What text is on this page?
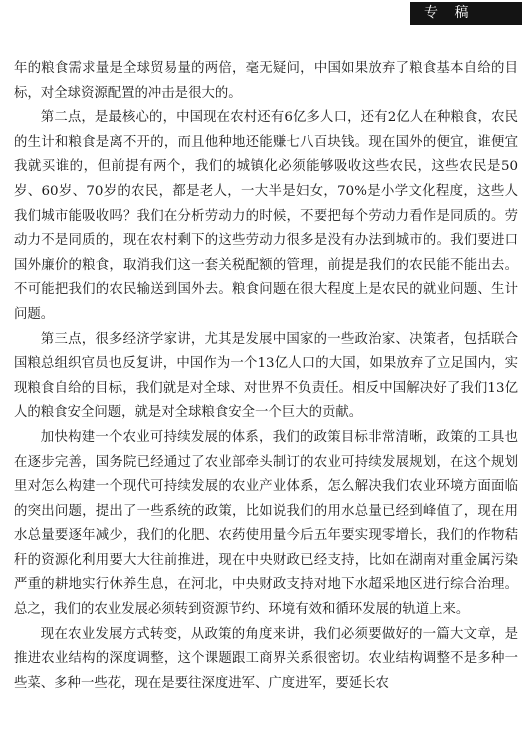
专 稿

年的粮食需求量是全球贸易量的两倍，毫无疑问，中国如果放弃了粮食基本自给的目标，对全球资源配置的冲击是很大的。

第二点，是最核心的，中国现在农村还有6亿多人口，还有2亿人在种粮食，农民的生计和粮食是离不开的，而且他种地还能赚七八百块钱。现在国外的便宜，谁便宜我就买谁的，但前提有两个，我们的城镇化必须能够吸收这些农民，这些农民是50岁、60岁、70岁的农民，都是老人，一大半是妇女，70%是小学文化程度，这些人我们城市能吸收吗？我们在分析劳动力的时候，不要把每个劳动力看作是同质的。劳动力不是同质的，现在农村剩下的这些劳动力很多是没有办法到城市的。我们要进口国外廉价的粮食，取消我们这一套关税配额的管理，前提是我们的农民能不能出去。不可能把我们的农民输送到国外去。粮食问题在很大程度上是农民的就业问题、生计问题。

第三点，很多经济学家讲，尤其是发展中国家的一些政治家、决策者，包括联合国粮总组织官员也反复讲，中国作为一个13亿人口的大国，如果放弃了立足国内，实现粮食自给的目标，我们就是对全球、对世界不负责任。相反中国解决好了我们13亿人的粮食安全问题，就是对全球粮食安全一个巨大的贡献。

加快构建一个农业可持续发展的体系，我们的政策目标非常清晰，政策的工具也在逐步完善，国务院已经通过了农业部牵头制订的农业可持续发展规划，在这个规划里对怎么构建一个现代可持续发展的农业产业体系，怎么解决我们农业环境方面面临的突出问题，提出了一些系统的政策，比如说我们的用水总量已经到峰值了，现在用水总量要逐年减少，我们的化肥、农药使用量今后五年要实现零增长，我们的作物秸秆的资源化利用要大大往前推进，现在中央财政已经支持，比如在湖南对重金属污染严重的耕地实行休养生息，在河北，中央财政支持对地下水超采地区进行综合治理。总之，我们的农业发展必须转到资源节约、环境有效和循环发展的轨道上来。

现在农业发展方式转变，从政策的角度来讲，我们必须要做好的一篇大文章，是推进农业结构的深度调整，这个课题跟工商界关系很密切。农业结构调整不是多种一些菜、多种一些花，现在是要往深度进军、广度进军，要延长农
